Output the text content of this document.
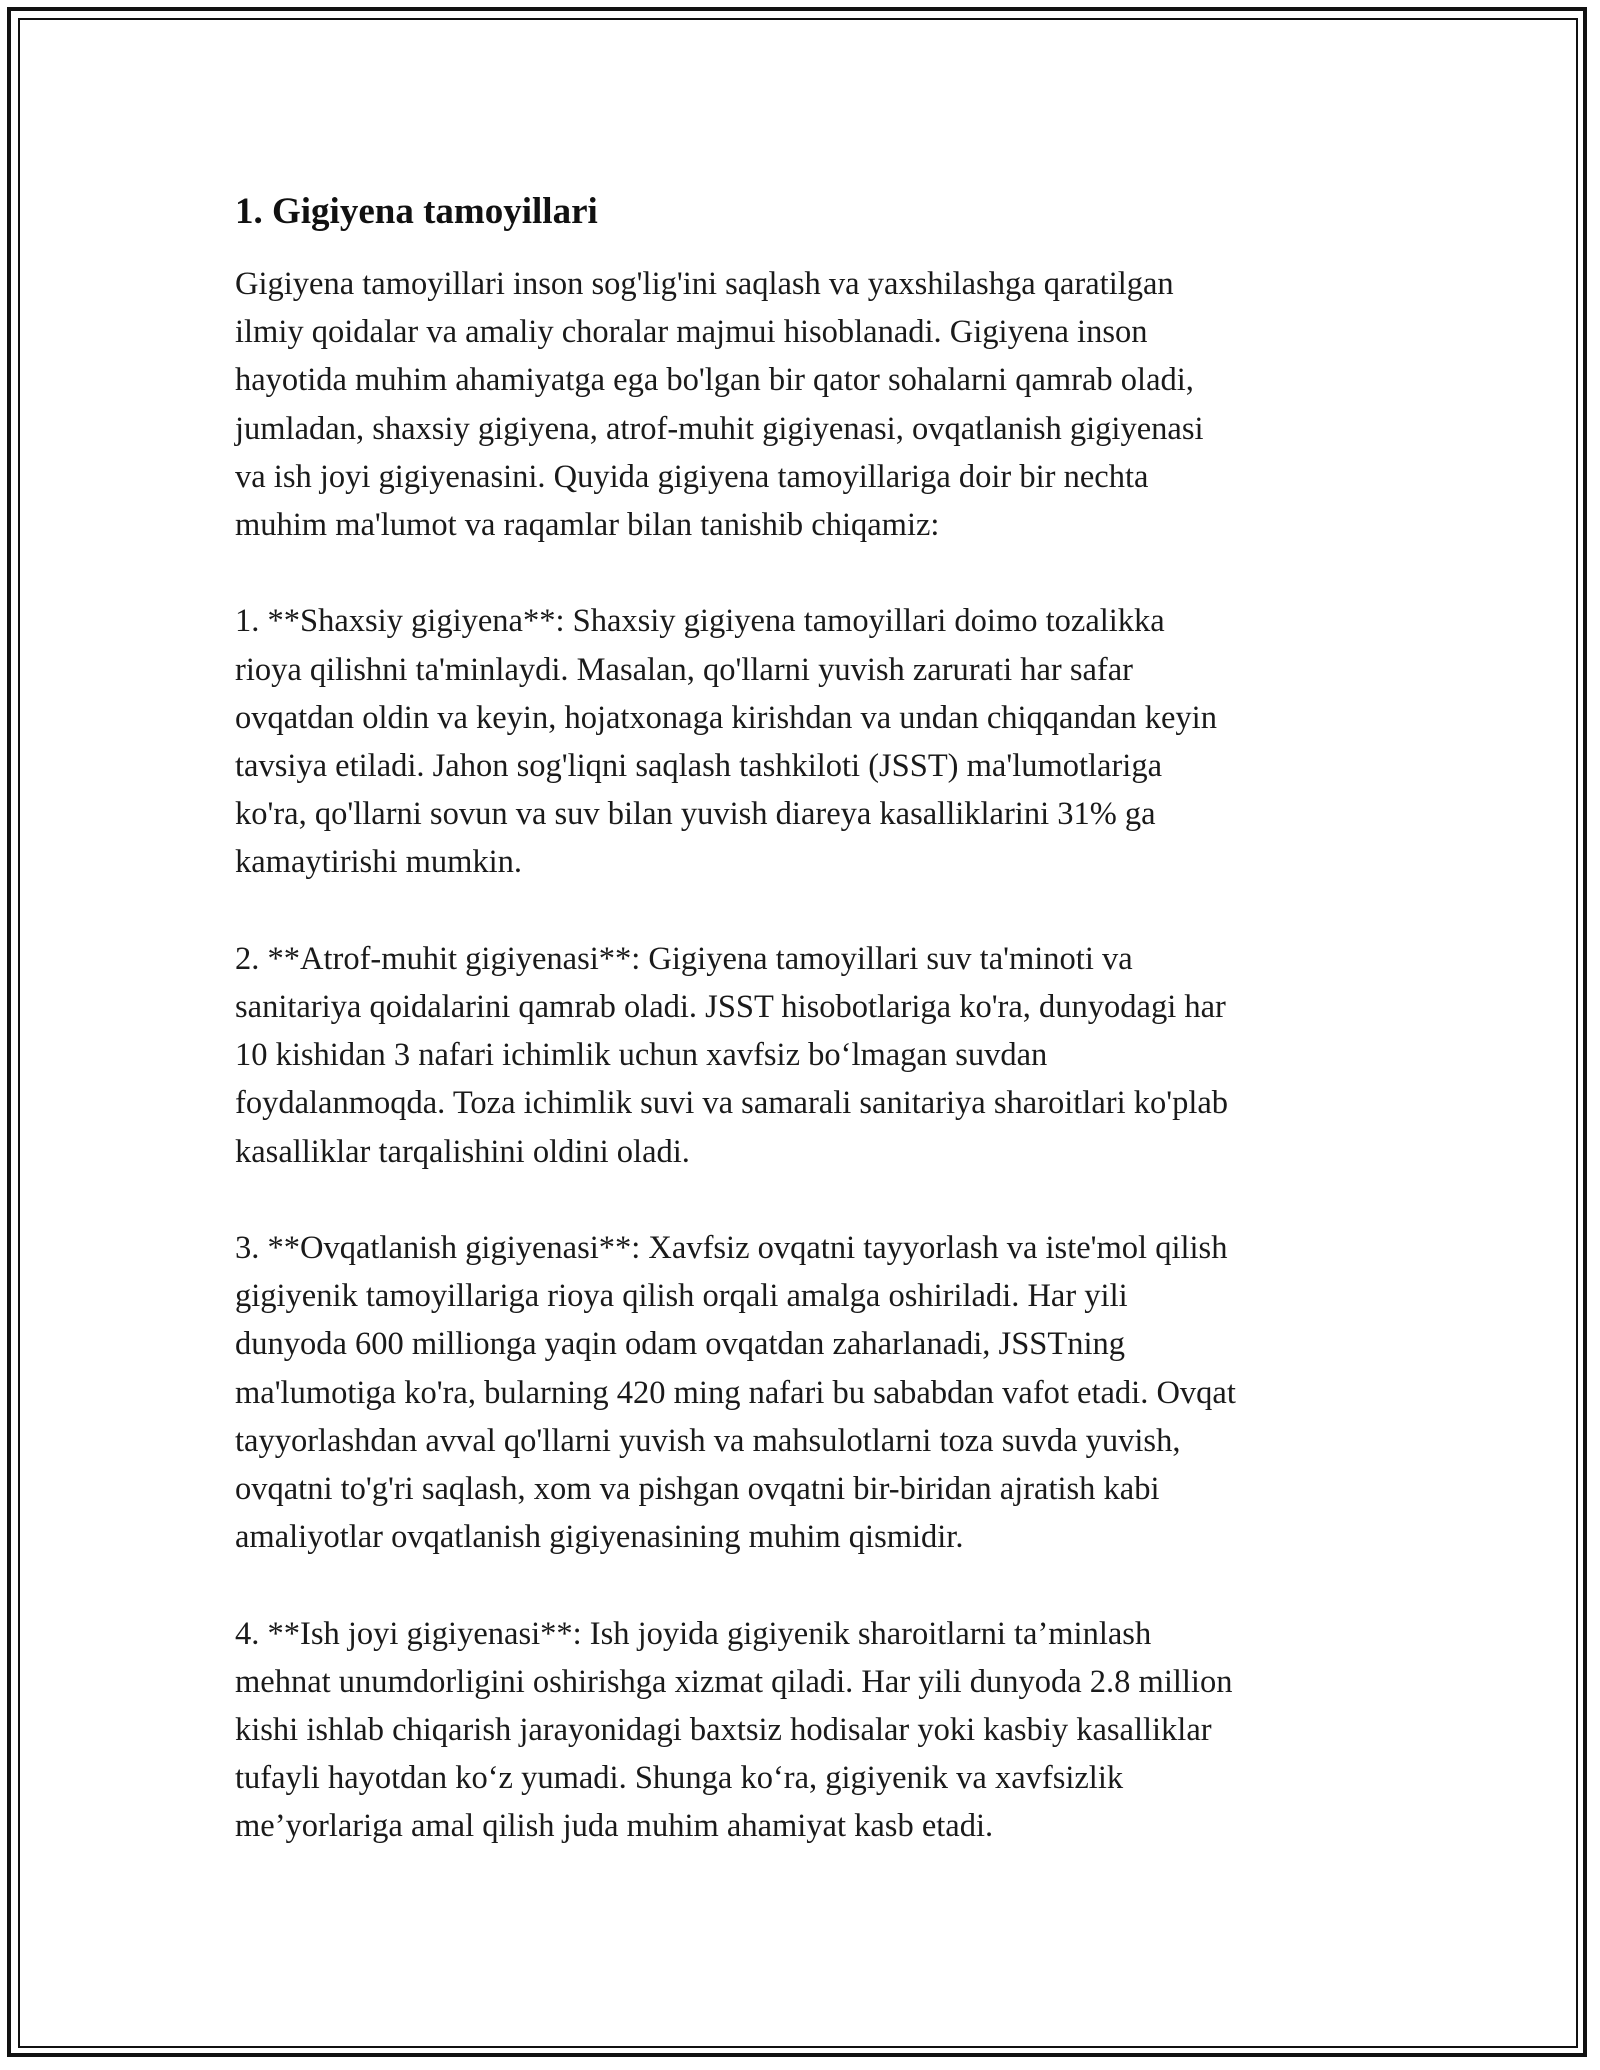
1. Gigiyena tamoyillari

Gigiyena tamoyillari inson sog'lig'ini saqlash va yaxshilashga qaratilgan
ilmiy qoidalar va amaliy choralar majmui hisoblanadi. Gigiyena inson
hayotida muhim ahamiyatga ega bo'lgan bir qator sohalarni qamrab oladi,
jumladan, shaxsiy gigiyena, atrof-muhit gigiyenasi, ovqatlanish gigiyenasi
va ish joyi gigiyenasini. Quyida gigiyena tamoyillariga doir bir nechta
muhim ma'lumot va raqamlar bilan tanishib chiqamiz:

1. **Shaxsiy gigiyena**: Shaxsiy gigiyena tamoyillari doimo tozalikka
rioya qilishni ta'minlaydi. Masalan, qo'llarni yuvish zarurati har safar
ovqatdan oldin va keyin, hojatxonaga kirishdan va undan chiqqandan keyin
tavsiya etiladi. Jahon sog'liqni saqlash tashkiloti (JSST) ma'lumotlariga
ko'ra, qo'llarni sovun va suv bilan yuvish diareya kasalliklarini 31% ga
kamaytirishi mumkin.

2. **Atrof-muhit gigiyenasi**: Gigiyena tamoyillari suv ta'minoti va
sanitariya qoidalarini qamrab oladi. JSST hisobotlariga ko'ra, dunyodagi har
10 kishidan 3 nafari ichimlik uchun xavfsiz bo‘lmagan suvdan
foydalanmoqda. Toza ichimlik suvi va samarali sanitariya sharoitlari ko'plab
kasalliklar tarqalishini oldini oladi.

3. **Ovqatlanish gigiyenasi**: Xavfsiz ovqatni tayyorlash va iste'mol qilish
gigiyenik tamoyillariga rioya qilish orqali amalga oshiriladi. Har yili
dunyoda 600 millionga yaqin odam ovqatdan zaharlanadi, JSSTning
ma'lumotiga ko'ra, bularning 420 ming nafari bu sababdan vafot etadi. Ovqat
tayyorlashdan avval qo'llarni yuvish va mahsulotlarni toza suvda yuvish,
ovqatni to'g'ri saqlash, xom va pishgan ovqatni bir-biridan ajratish kabi
amaliyotlar ovqatlanish gigiyenasining muhim qismidir.

4. **Ish joyi gigiyenasi**: Ish joyida gigiyenik sharoitlarni ta’minlash
mehnat unumdorligini oshirishga xizmat qiladi. Har yili dunyoda 2.8 million
kishi ishlab chiqarish jarayonidagi baxtsiz hodisalar yoki kasbiy kasalliklar
tufayli hayotdan ko‘z yumadi. Shunga ko‘ra, gigiyenik va xavfsizlik
me’yorlariga amal qilish juda muhim ahamiyat kasb etadi.
